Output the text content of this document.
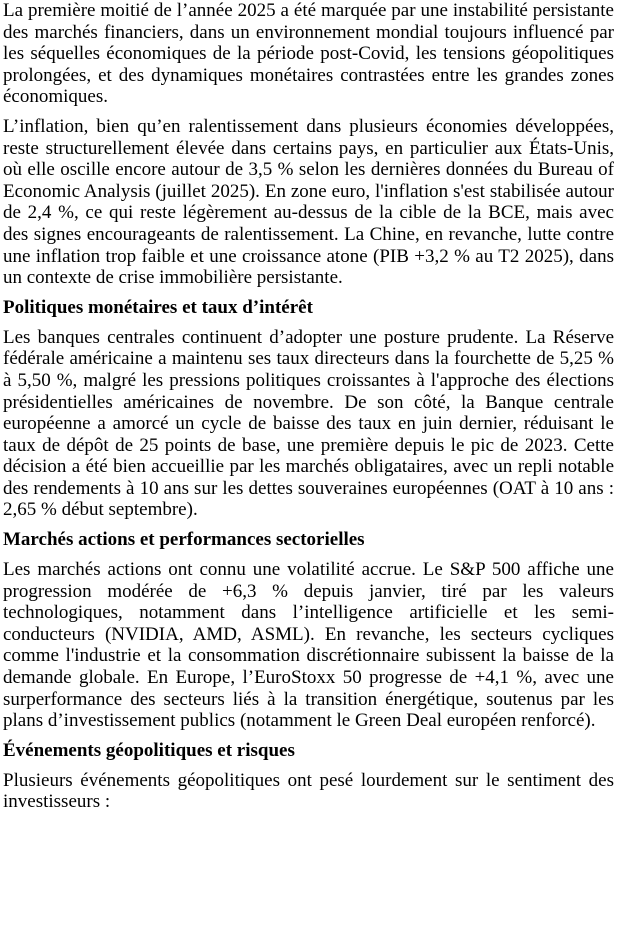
La première moitié de l’année 2025 a été marquée par une instabilité persistante des marchés financiers, dans un environnement mondial toujours influencé par les séquelles économiques de la période post-Covid, les tensions géopolitiques prolongées, et des dynamiques monétaires contrastées entre les grandes zones économiques.

L’inflation, bien qu’en ralentissement dans plusieurs économies développées, reste structurellement élevée dans certains pays, en particulier aux États-Unis, où elle oscille encore autour de 3,5 % selon les dernières données du Bureau of Economic Analysis (juillet 2025). En zone euro, l'inflation s'est stabilisée autour de 2,4 %, ce qui reste légèrement au-dessus de la cible de la BCE, mais avec des signes encourageants de ralentissement. La Chine, en revanche, lutte contre une inflation trop faible et une croissance atone (PIB +3,2 % au T2 2025), dans un contexte de crise immobilière persistante.

Politiques monétaires et taux d’intérêt

Les banques centrales continuent d’adopter une posture prudente. La Réserve fédérale américaine a maintenu ses taux directeurs dans la fourchette de 5,25 % à 5,50 %, malgré les pressions politiques croissantes à l'approche des élections présidentielles américaines de novembre. De son côté, la Banque centrale européenne a amorcé un cycle de baisse des taux en juin dernier, réduisant le taux de dépôt de 25 points de base, une première depuis le pic de 2023. Cette décision a été bien accueillie par les marchés obligataires, avec un repli notable des rendements à 10 ans sur les dettes souveraines européennes (OAT à 10 ans : 2,65 % début septembre).

Marchés actions et performances sectorielles

Les marchés actions ont connu une volatilité accrue. Le S&P 500 affiche une progression modérée de +6,3 % depuis janvier, tiré par les valeurs technologiques, notamment dans l’intelligence artificielle et les semi-conducteurs (NVIDIA, AMD, ASML). En revanche, les secteurs cycliques comme l'industrie et la consommation discrétionnaire subissent la baisse de la demande globale. En Europe, l’EuroStoxx 50 progresse de +4,1 %, avec une surperformance des secteurs liés à la transition énergétique, soutenus par les plans d’investissement publics (notamment le Green Deal européen renforcé).

Événements géopolitiques et risques

Plusieurs événements géopolitiques ont pesé lourdement sur le sentiment des investisseurs :
